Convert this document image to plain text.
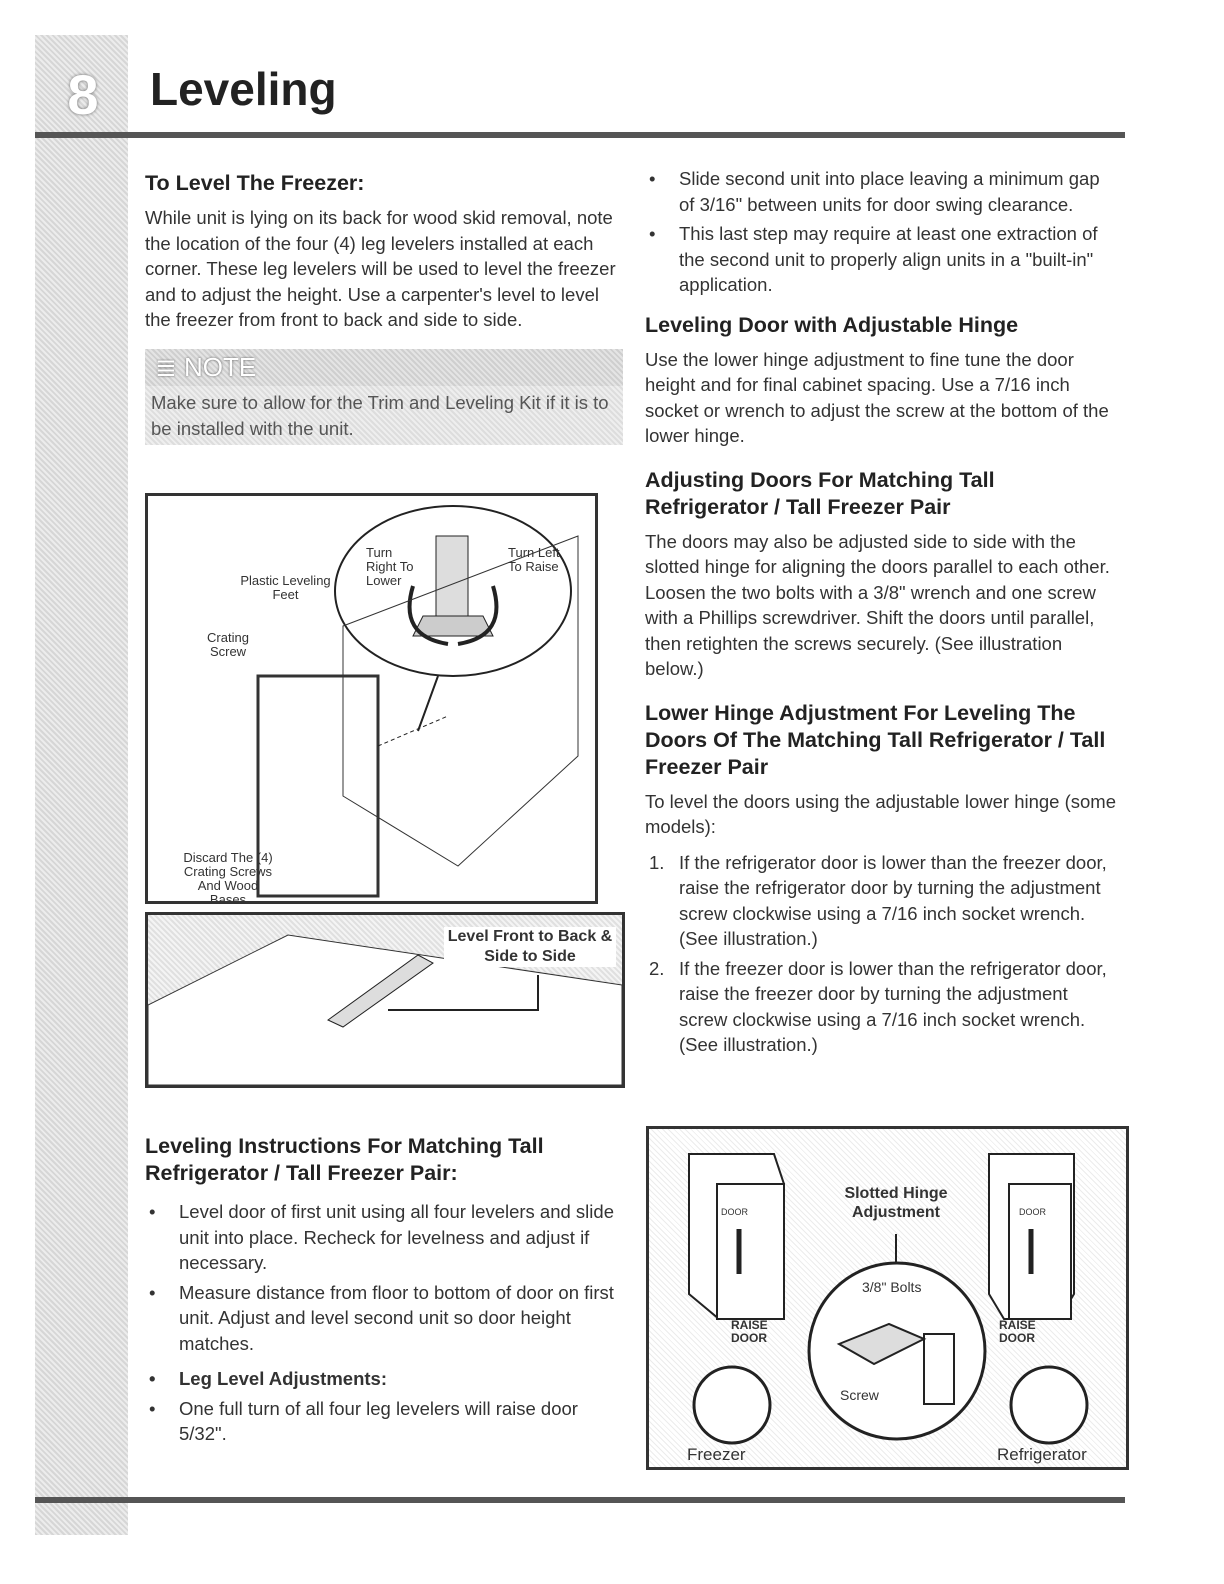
8	Leveling
To Level The Freezer:

While unit is lying on its back for wood skid removal, note the location of the four (4) leg levelers installed at each corner. These leg levelers will be used to level the freezer and to adjust the height. Use a carpenter's level to level the freezer from front to back and side to side.

≣ NOTE
Make sure to allow for the Trim and Leveling Kit if it is to be installed with the unit.
Plastic Leveling Feet
Crating Screw
Turn Right To Lower
Turn Left To Raise
Discard The (4) Crating Screws And Wood Bases
Level Front to Back & Side to Side
Leveling Instructions For Matching Tall Refrigerator / Tall Freezer Pair:
• Level door of first unit using all four levelers and slide unit into place. Recheck for levelness and adjust if necessary.
• Measure distance from floor to bottom of door on first unit. Adjust and level second unit so door height matches.
• Leg Level Adjustments:
• One full turn of all four leg levelers will raise door 5/32".
• Slide second unit into place leaving a minimum gap of 3/16" between units for door swing clearance.
• This last step may require at least one extraction of the second unit to properly align units in a "built-in" application.
Leveling Door with Adjustable Hinge

Use the lower hinge adjustment to fine tune the door height and for final cabinet spacing. Use a 7/16 inch socket or wrench to adjust the screw at the bottom of the lower hinge.

Adjusting Doors For Matching Tall Refrigerator / Tall Freezer Pair

The doors may also be adjusted side to side with the slotted hinge for aligning the doors parallel to each other. Loosen the two bolts with a 3/8" wrench and one screw with a Phillips screwdriver. Shift the doors until parallel, then retighten the screws securely. (See illustration below.)

Lower Hinge Adjustment For Leveling The Doors Of The Matching Tall Refrigerator / Tall Freezer Pair

To level the doors using the adjustable lower hinge (some models):

1. If the refrigerator door is lower than the freezer door, raise the refrigerator door by turning the adjustment screw clockwise using a 7/16 inch socket wrench. (See illustration.)
2. If the freezer door is lower than the refrigerator door, raise the freezer door by turning the adjustment screw clockwise using a 7/16 inch socket wrench. (See illustration.)
DOOR	DOOR
RAISE DOOR
RAISE DOOR
Slotted Hinge Adjustment
3/8" Bolts
Screw
Freezer	Refrigerator
